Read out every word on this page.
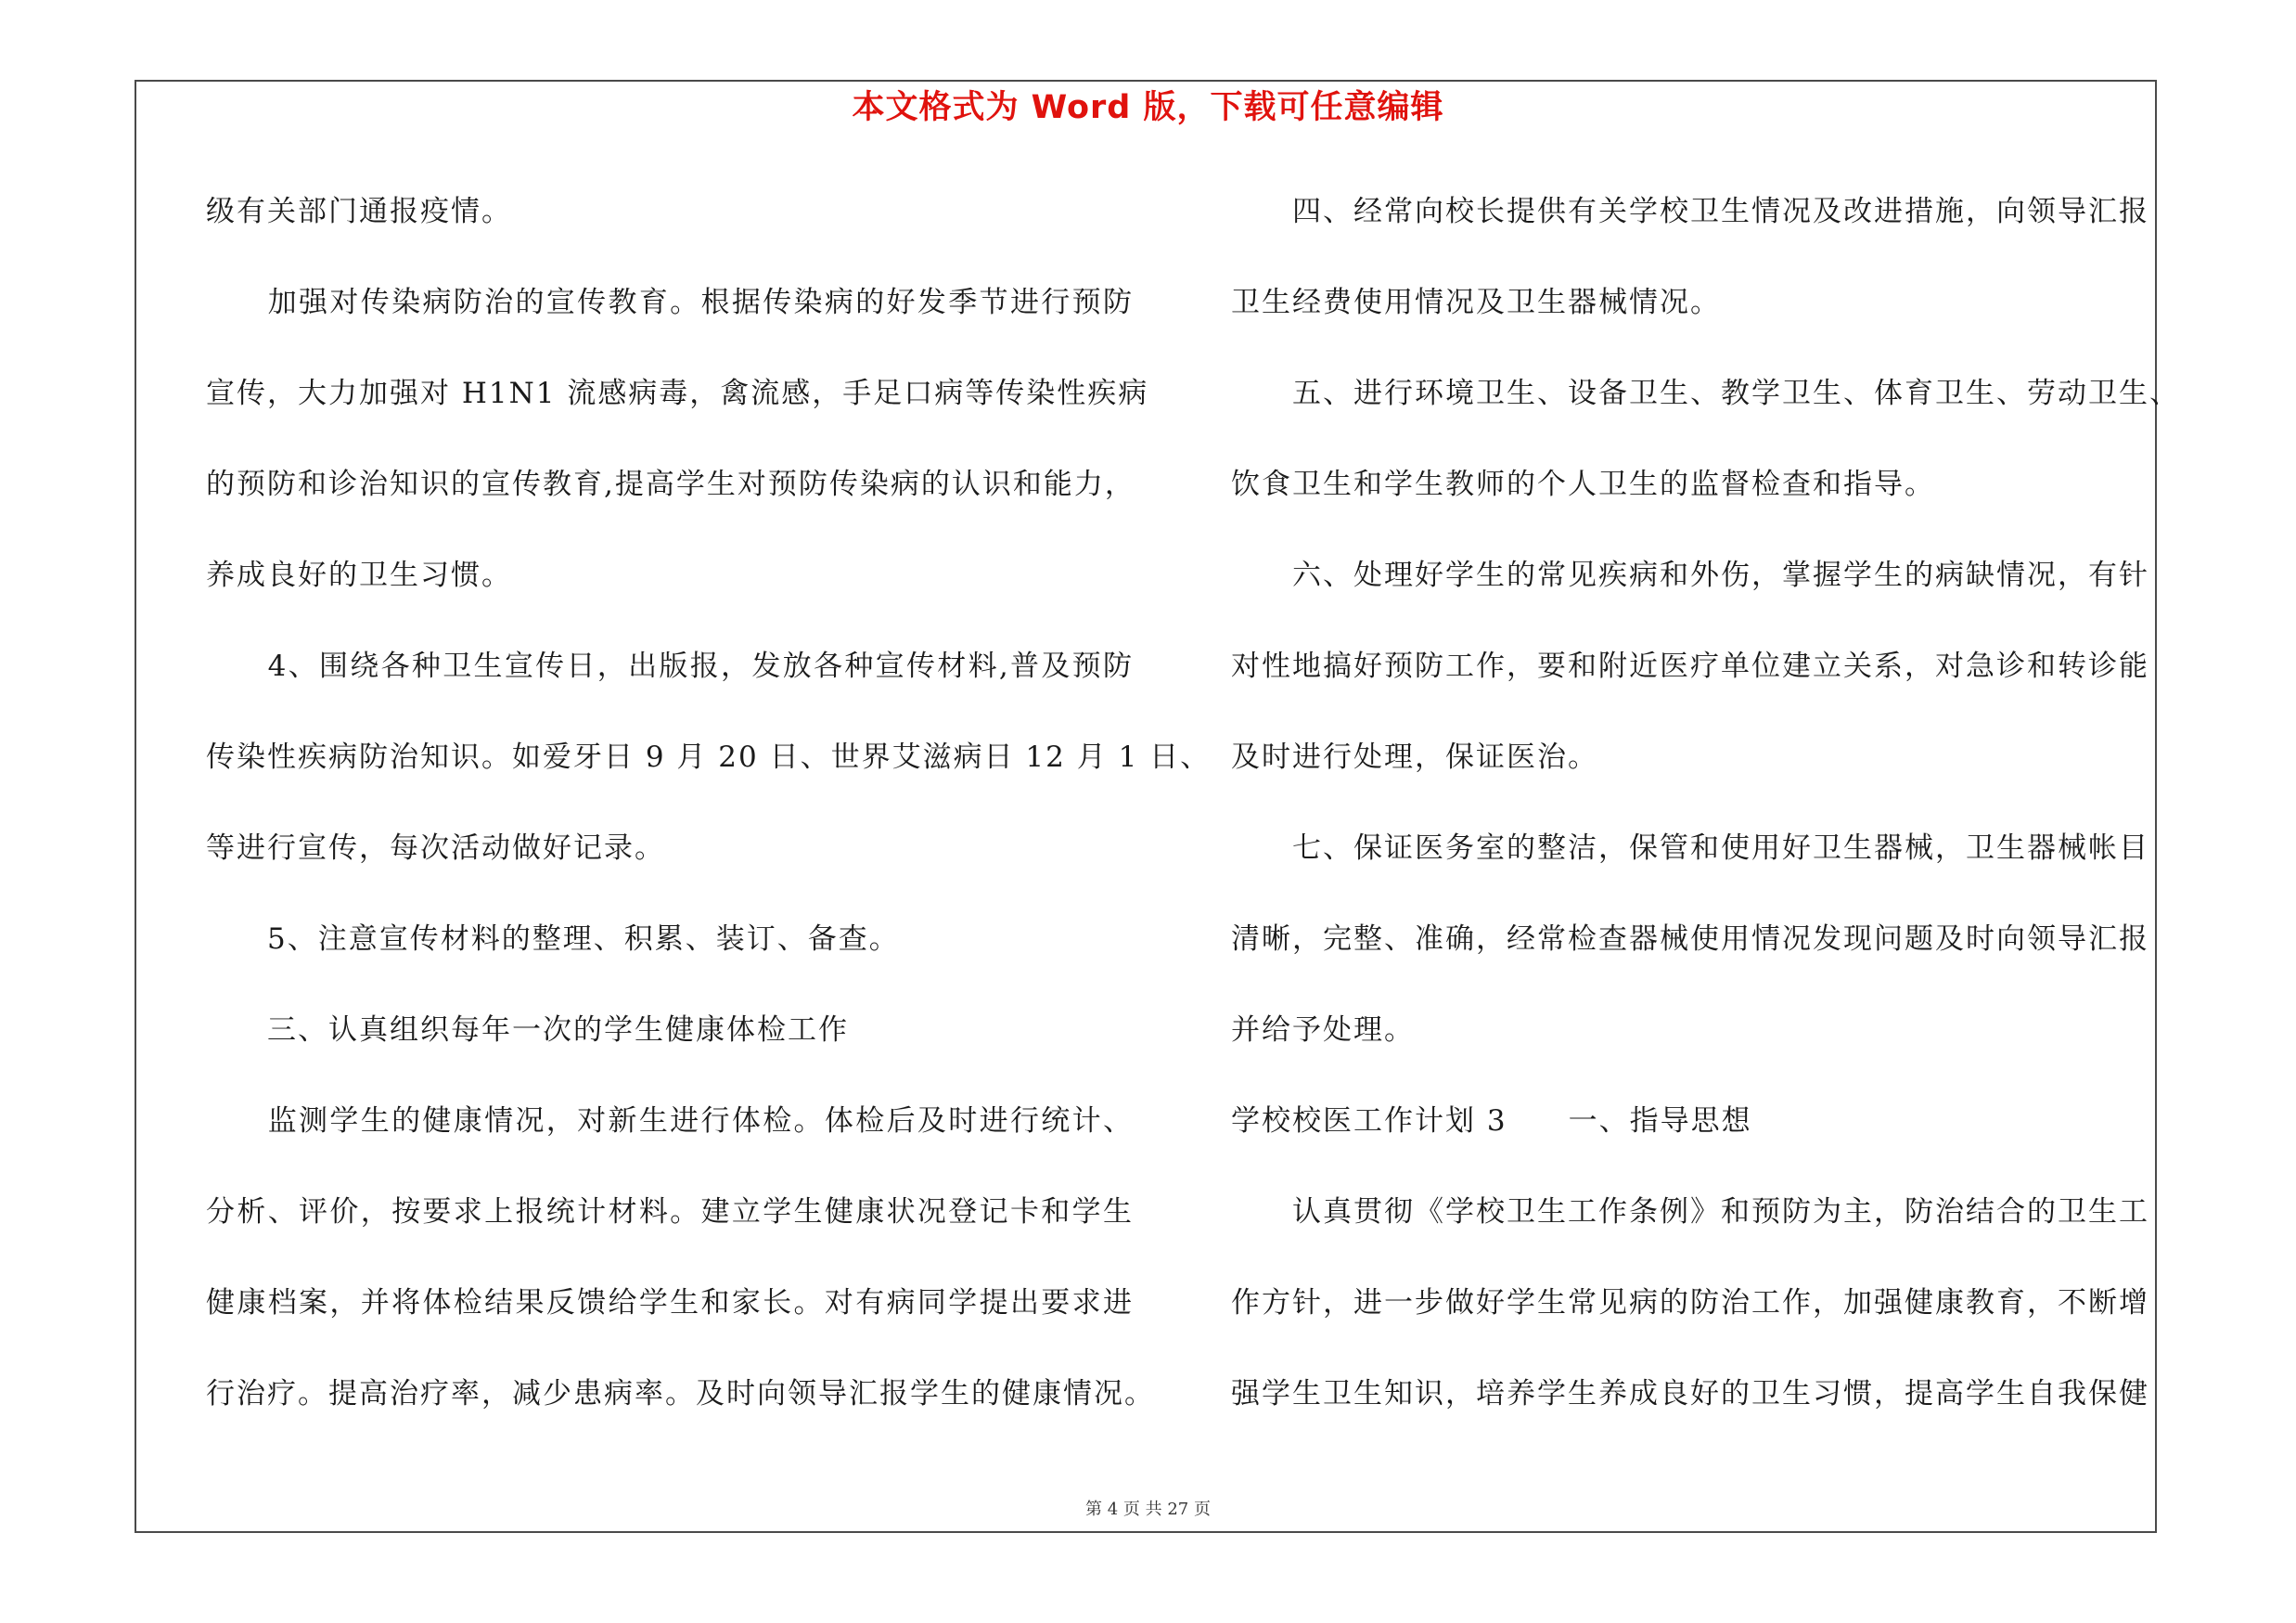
本文格式为 Word 版，下载可任意编辑
级有关部门通报疫情。
　　加强对传染病防治的宣传教育。根据传染病的好发季节进行预防
宣传，大力加强对 H1N1 流感病毒，禽流感，手足口病等传染性疾病
的预防和诊治知识的宣传教育,提高学生对预防传染病的认识和能力，
养成良好的卫生习惯。
　　4、围绕各种卫生宣传日，出版报，发放各种宣传材料,普及预防
传染性疾病防治知识。如爱牙日 9 月 20 日、世界艾滋病日 12 月 1 日、
等进行宣传，每次活动做好记录。
　　5、注意宣传材料的整理、积累、装订、备查。
　　三、认真组织每年一次的学生健康体检工作
　　监测学生的健康情况，对新生进行体检。体检后及时进行统计、
分析、评价，按要求上报统计材料。建立学生健康状况登记卡和学生
健康档案，并将体检结果反馈给学生和家长。对有病同学提出要求进
行治疗。提高治疗率，减少患病率。及时向领导汇报学生的健康情况。
　　四、经常向校长提供有关学校卫生情况及改进措施，向领导汇报
卫生经费使用情况及卫生器械情况。
　　五、进行环境卫生、设备卫生、教学卫生、体育卫生、劳动卫生、
饮食卫生和学生教师的个人卫生的监督检查和指导。
　　六、处理好学生的常见疾病和外伤，掌握学生的病缺情况，有针
对性地搞好预防工作，要和附近医疗单位建立关系，对急诊和转诊能
及时进行处理，保证医治。
　　七、保证医务室的整洁，保管和使用好卫生器械，卫生器械帐目
清晰，完整、准确，经常检查器械使用情况发现问题及时向领导汇报
并给予处理。
学校校医工作计划 3　　一、指导思想
　　认真贯彻《学校卫生工作条例》和预防为主，防治结合的卫生工
作方针，进一步做好学生常见病的防治工作，加强健康教育，不断增
强学生卫生知识，培养学生养成良好的卫生习惯，提高学生自我保健
第 4 页 共 27 页
